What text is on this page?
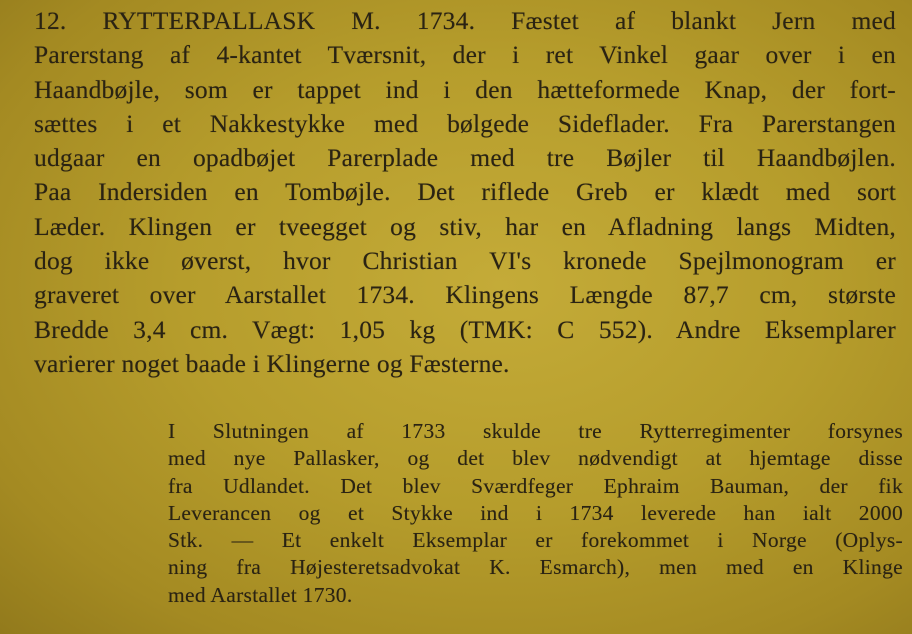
12. RYTTERPALLASK M. 1734. Fæstet af blankt Jern med
Parerstang af 4-kantet Tværsnit, der i ret Vinkel gaar over i en
Haandbøjle, som er tappet ind i den hætteformede Knap, der fort-
sættes i et Nakkestykke med bølgede Sideflader. Fra Parerstangen
udgaar en opadbøjet Parerplade med tre Bøjler til Haandbøjlen.
Paa Indersiden en Tombøjle. Det riflede Greb er klædt med sort
Læder. Klingen er tveegget og stiv, har en Afladning langs Midten,
dog ikke øverst, hvor Christian VI's kronede Spejlmonogram er
graveret over Aarstallet 1734. Klingens Længde 87,7 cm, største
Bredde 3,4 cm. Vægt: 1,05 kg (TMK: C 552). Andre Eksemplarer
varierer noget baade i Klingerne og Fæsterne.
I Slutningen af 1733 skulde tre Rytterregimenter forsynes
med nye Pallasker, og det blev nødvendigt at hjemtage disse
fra Udlandet. Det blev Sværdfeger Ephraim Bauman, der fik
Leverancen og et Stykke ind i 1734 leverede han ialt 2000
Stk. — Et enkelt Eksemplar er forekommet i Norge (Oplys-
ning fra Højesteretsadvokat K. Esmarch), men med en Klinge
med Aarstallet 1730.
